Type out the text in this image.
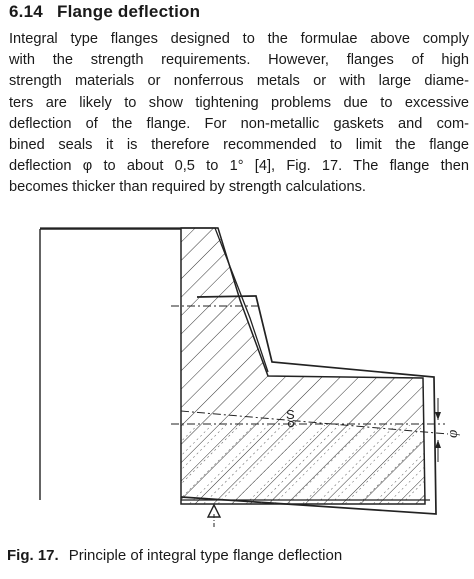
6.14 Flange deflection

Integral type flanges designed to the formulae above comply
with the strength requirements. However, flanges of high
strength materials or nonferrous metals or with large diame-
ters are likely to show tightening problems due to excessive
deflection of the flange. For non-metallic gaskets and com-
bined seals it is therefore recommended to limit the flange
deflection φ to about 0,5 to 1° [4], Fig. 17. The flange then
becomes thicker than required by strength calculations.

S
φ
Fig. 17. Principle of integral type flange deflection
